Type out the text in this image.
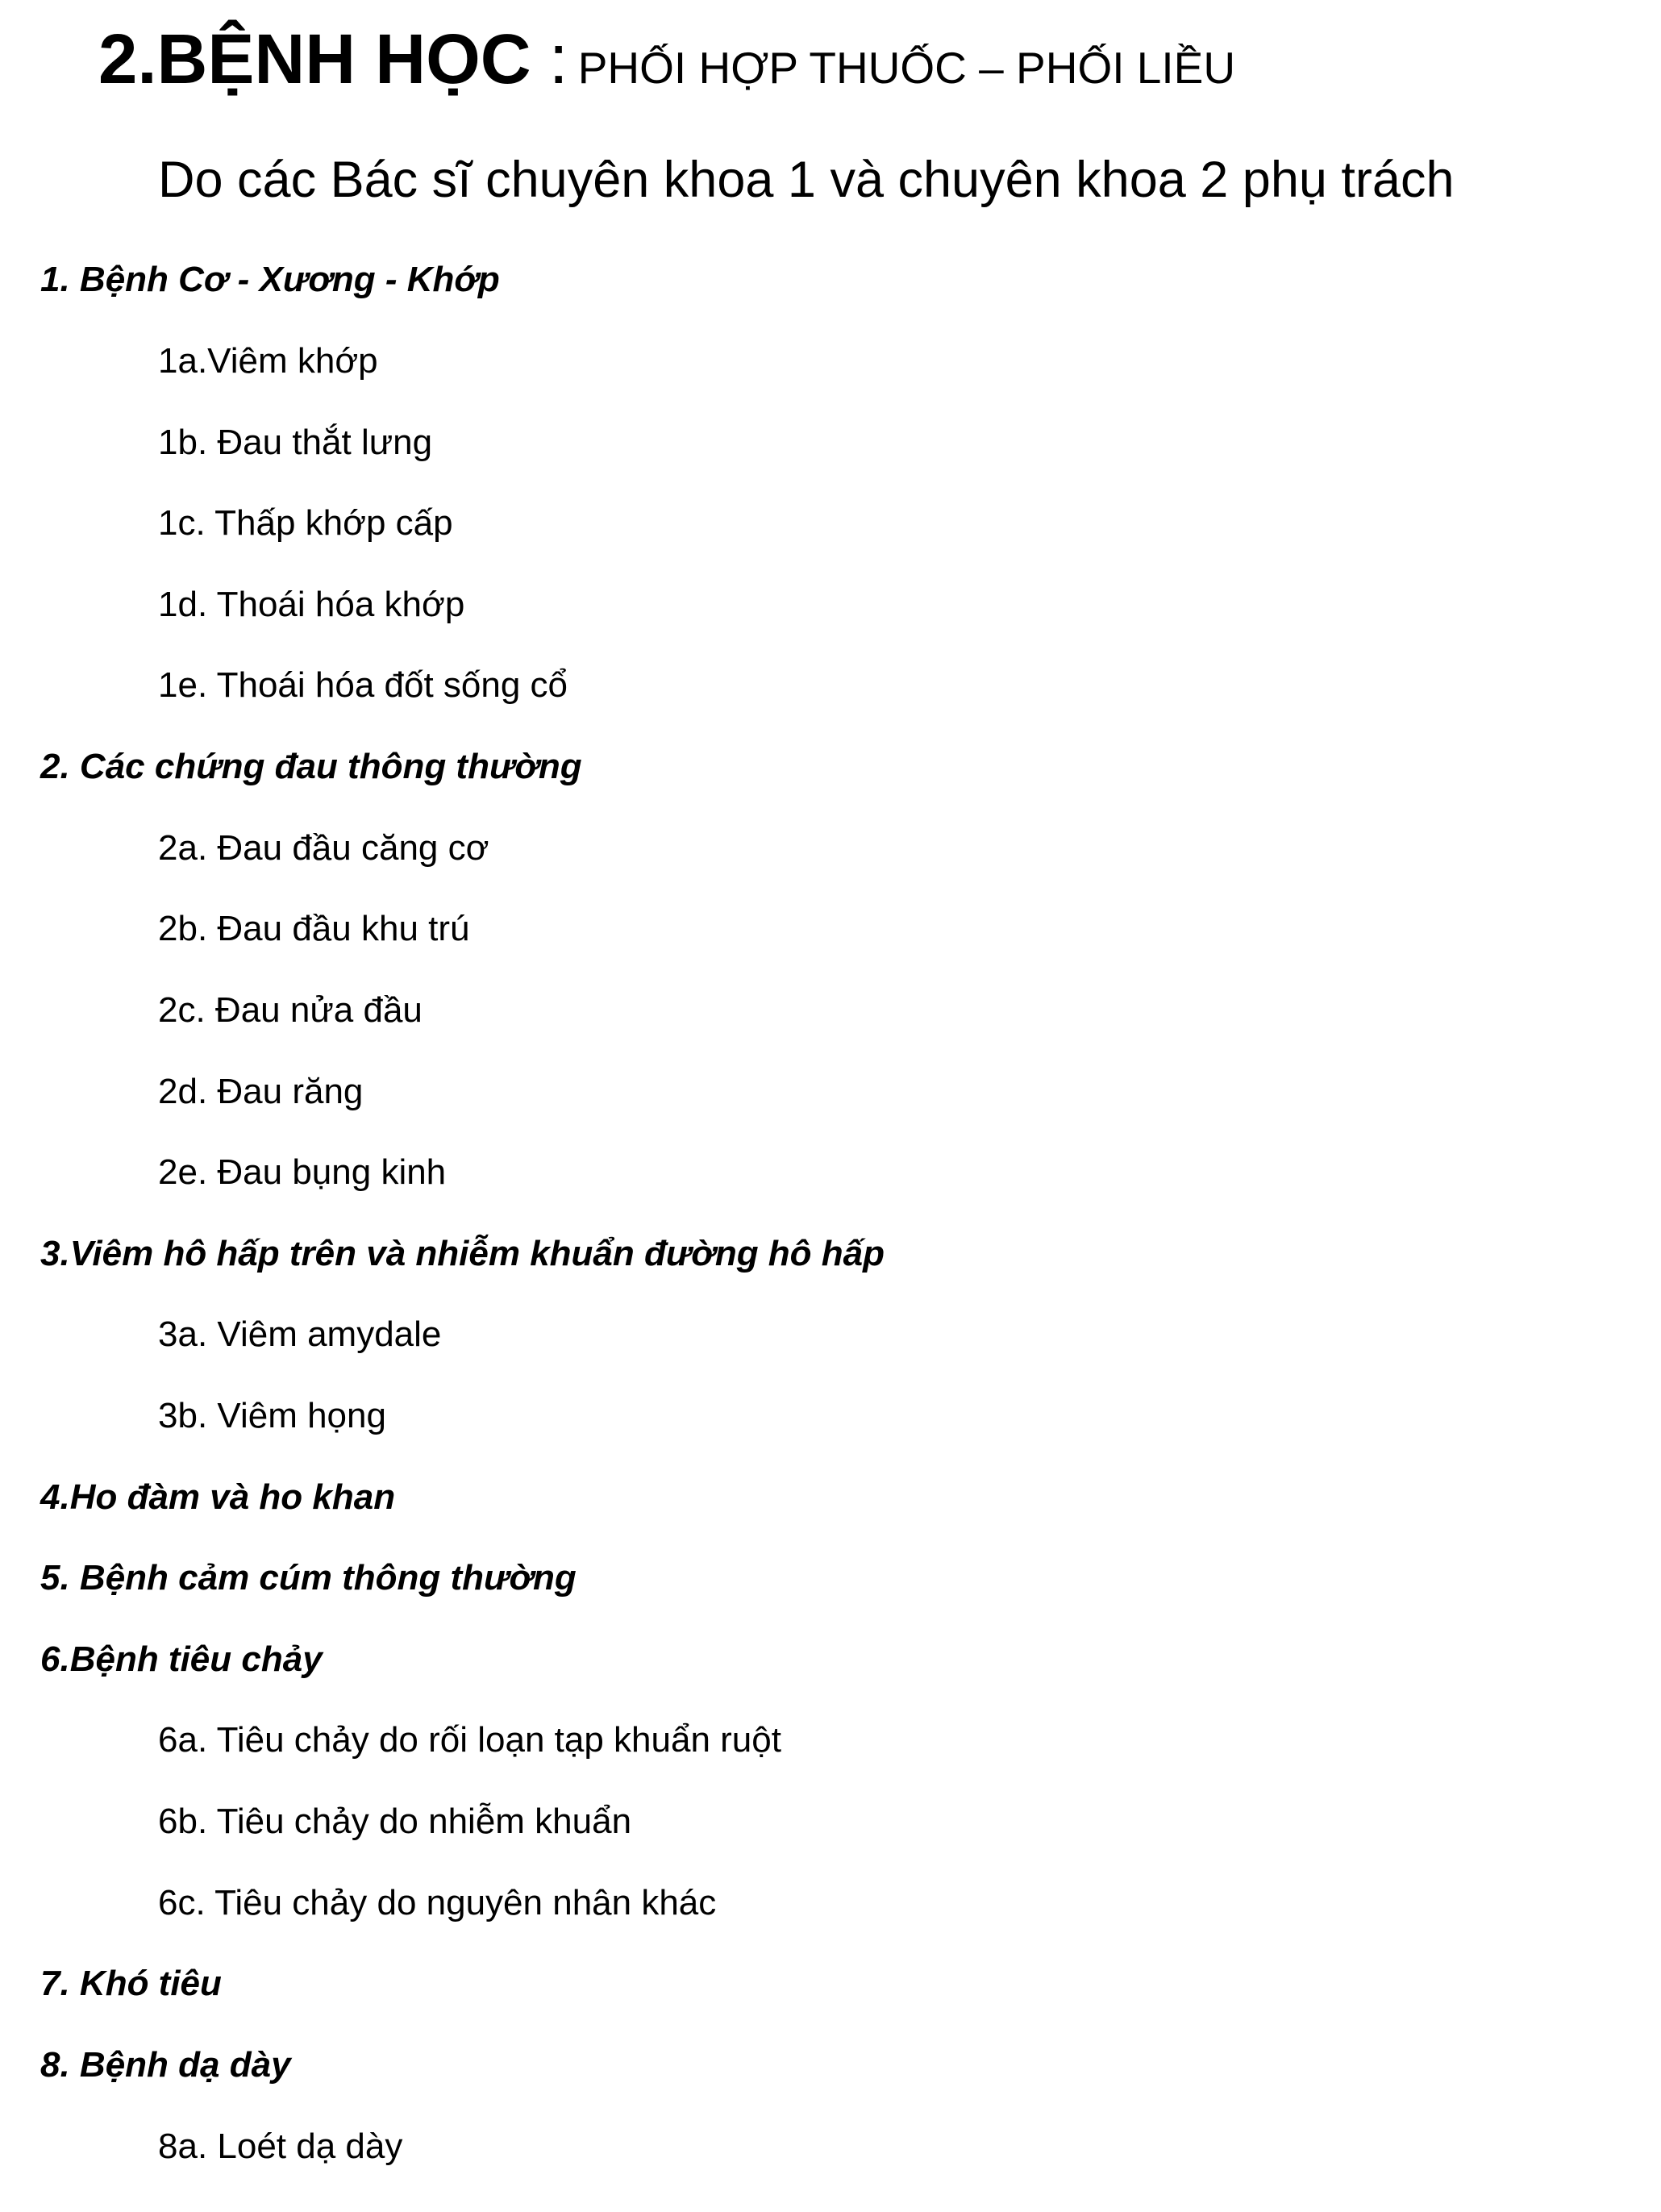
2.BỆNH HỌC : PHỐI HỢP THUỐC – PHỐI LIỀU
Do các Bác sĩ chuyên khoa 1 và chuyên khoa 2 phụ trách
1. Bệnh Cơ - Xương - Khớp
1a.Viêm khớp
1b. Đau thắt lưng
1c. Thấp khớp cấp
1d. Thoái hóa khớp
1e. Thoái hóa đốt sống cổ
2. Các chứng đau thông thường
2a. Đau đầu căng cơ
2b. Đau đầu khu trú
2c. Đau nửa đầu
2d. Đau răng
2e. Đau bụng kinh
3.Viêm hô hấp trên và nhiễm khuẩn đường hô hấp
3a. Viêm amydale
3b. Viêm họng
4.Ho đàm và ho khan
5. Bệnh cảm cúm thông thường
6.Bệnh tiêu chảy
6a. Tiêu chảy do rối loạn tạp khuẩn ruột
6b. Tiêu chảy do nhiễm khuẩn
6c. Tiêu chảy do nguyên nhân khác
7. Khó tiêu
8. Bệnh dạ dày
8a. Loét dạ dày
